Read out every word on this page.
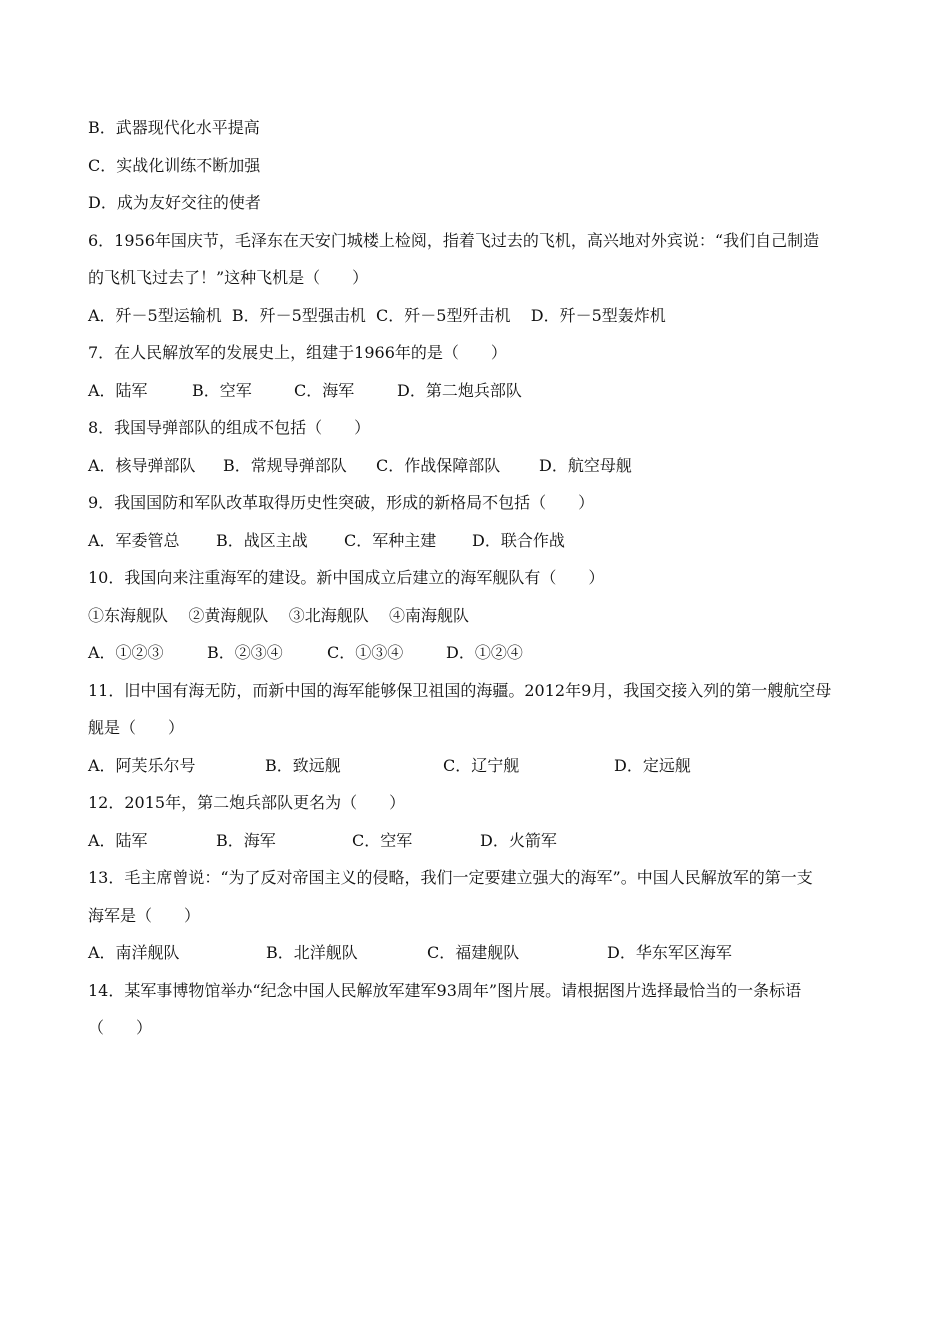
B．武器现代化水平提高
C．实战化训练不断加强
D．成为友好交往的使者
6．1956年国庆节，毛泽东在天安门城楼上检阅，指着飞过去的飞机，高兴地对外宾说：“我们自己制造
的飞机飞过去了！”这种飞机是（　　）
A．歼－5型运输机  B．歼－5型强击机  C．歼－5型歼击机    D．歼－5型轰炸机
7．在人民解放军的发展史上，组建于1966年的是（　　）

A．陆军

	B．空军

	C．海军

	D．第二炮兵部队

8．我国导弹部队的组成不包括（　　）

A．核导弹部队

B．常规导弹部队

C．作战保障部队

D．航空母舰

9．我国国防和军队改革取得历史性突破，形成的新格局不包括（　　）

A．军委管总

B．战区主战

C．军种主建

D．联合作战

10．我国向来注重海军的建设。新中国成立后建立的海军舰队有（　　）
①东海舰队    ②黄海舰队    ③北海舰队    ④南海舰队

A．①②③

	B．②③④

	C．①③④

	D．①②④

11．旧中国有海无防，而新中国的海军能够保卫祖国的海疆。2012年9月，我国交接入列的第一艘航空母
舰是（　　）

A．阿芙乐尔号

	B．致远舰

	C．辽宁舰

	D．定远舰

12．2015年，第二炮兵部队更名为（　　）

A．陆军

	B．海军

	C．空军

	D．火箭军

13．毛主席曾说：“为了反对帝国主义的侵略，我们一定要建立强大的海军”。中国人民解放军的第一支
海军是（　　）

A．南洋舰队

	B．北洋舰队

	C．福建舰队

	D．华东军区海军

14．某军事博物馆举办“纪念中国人民解放军建军93周年”图片展。请根据图片选择最恰当的一条标语
（　　）
